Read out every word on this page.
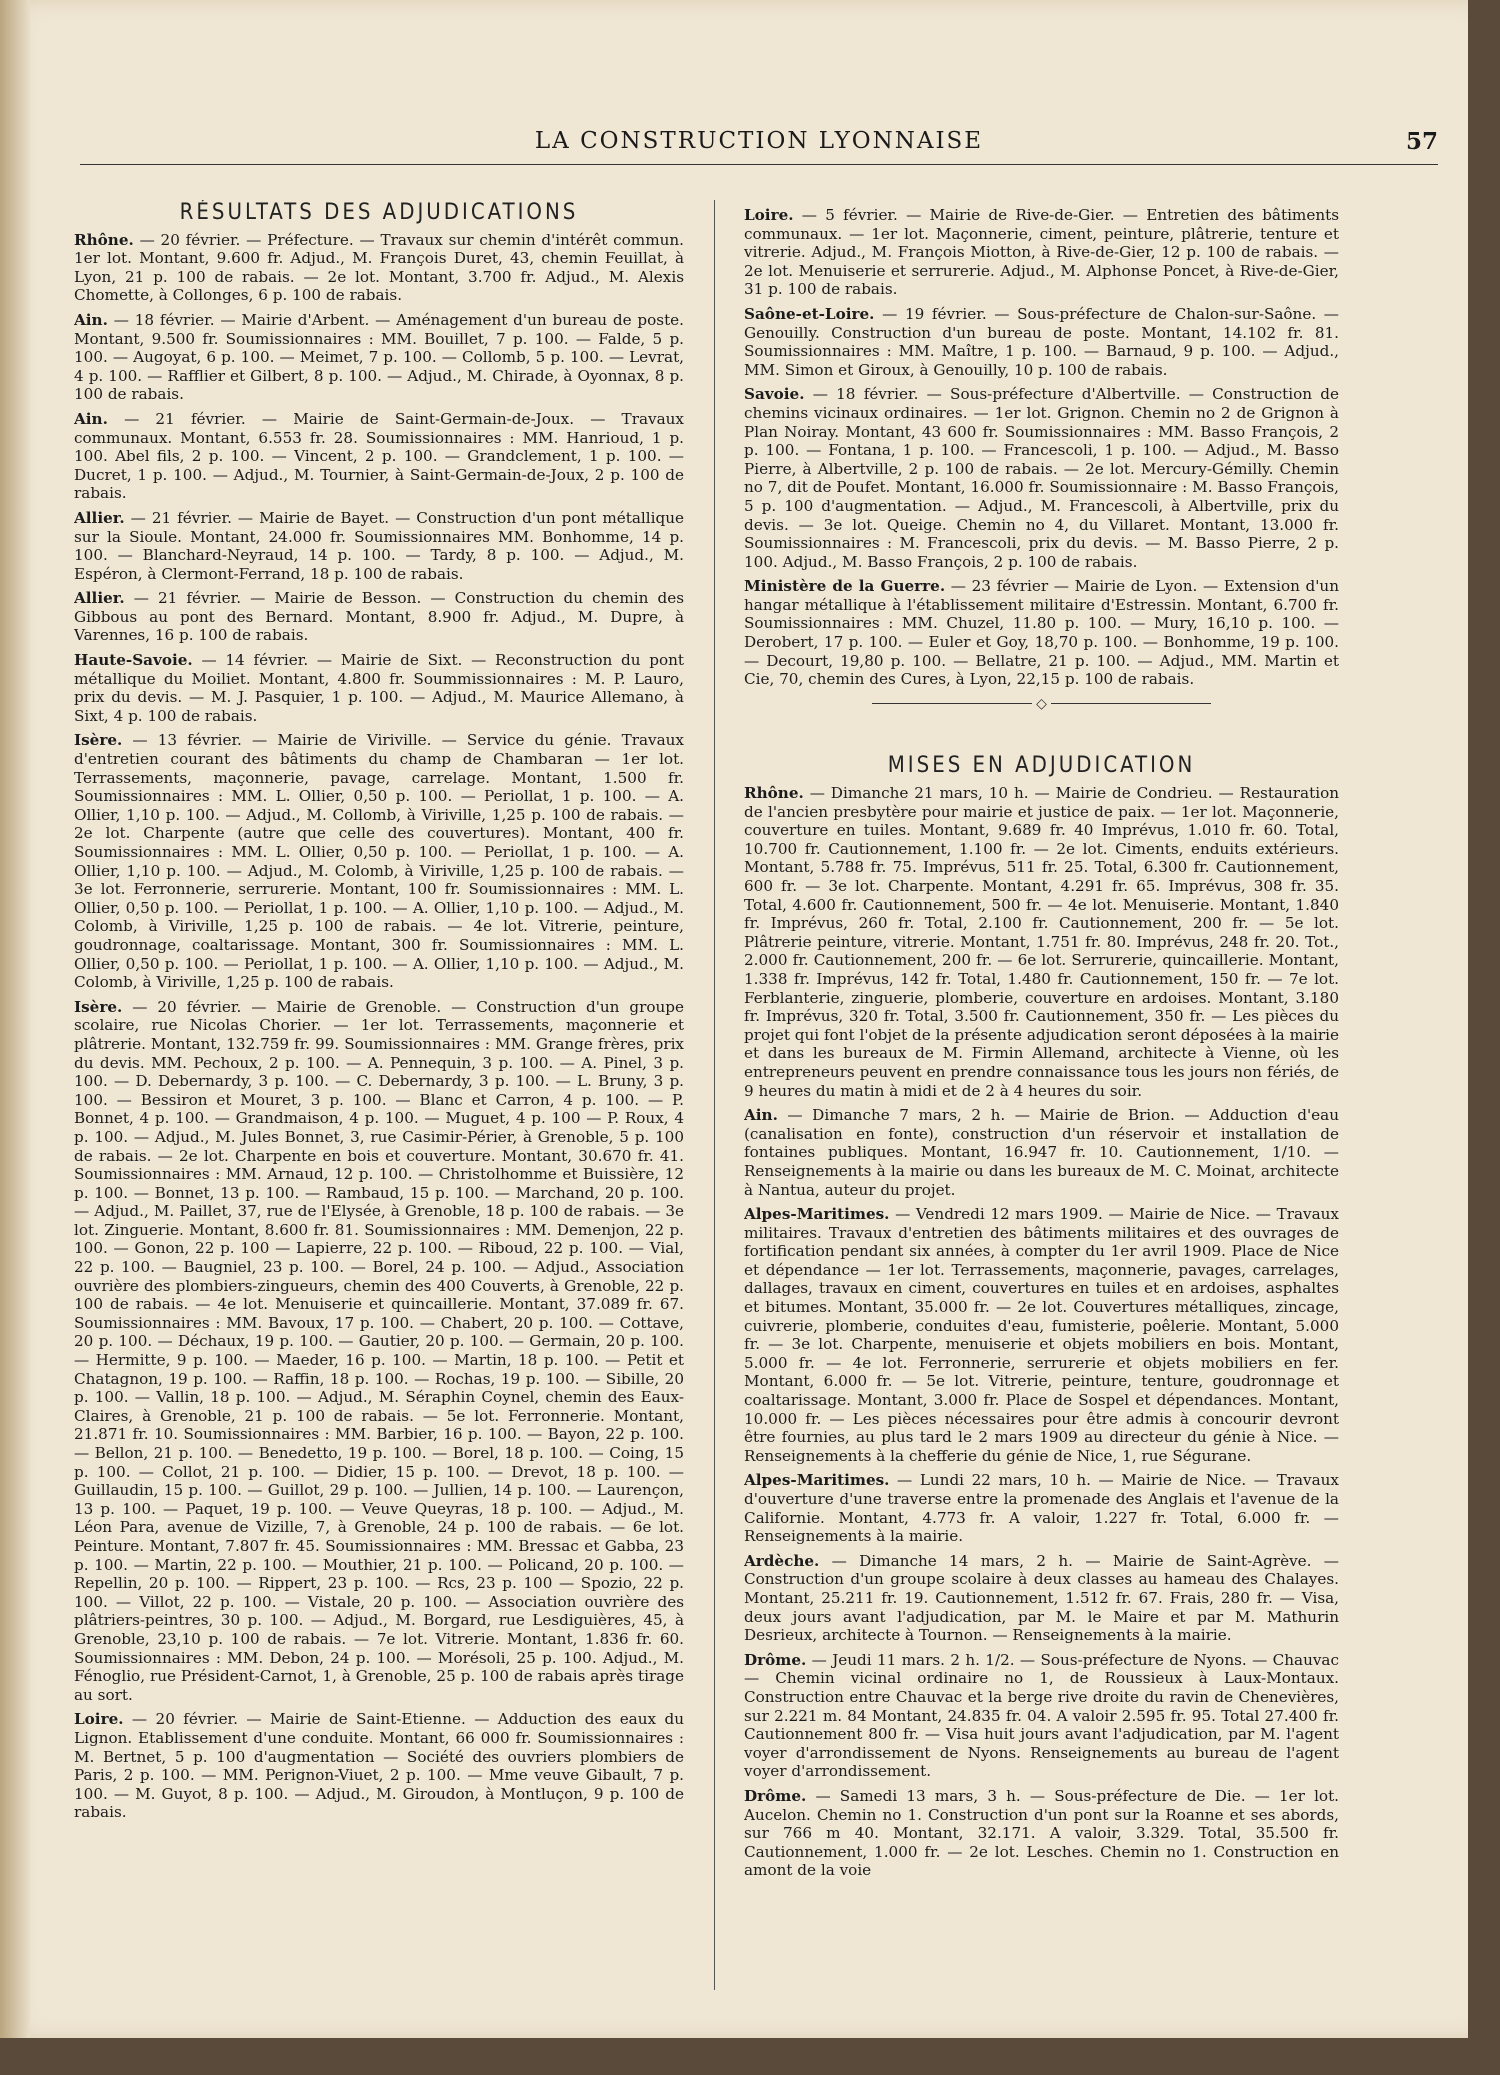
LA CONSTRUCTION LYONNAISE	57
RÉSULTATS DES ADJUDICATIONS

Rhône. — 20 février. — Préfecture. — Travaux sur chemin d'intérêt commun. 1er lot. Montant, 9.600 fr. Adjud., M. François Duret, 43, chemin Feuillat, à Lyon, 21 p. 100 de rabais. — 2e lot. Montant, 3.700 fr. Adjud., M. Alexis Chomette, à Collonges, 6 p. 100 de rabais.

Ain. — 18 février. — Mairie d'Arbent. — Aménagement d'un bureau de poste. Montant, 9.500 fr. Soumissionnaires : MM. Bouillet, 7 p. 100. — Falde, 5 p. 100. — Augoyat, 6 p. 100. — Meimet, 7 p. 100. — Collomb, 5 p. 100. — Levrat, 4 p. 100. — Rafflier et Gilbert, 8 p. 100. — Adjud., M. Chirade, à Oyonnax, 8 p. 100 de rabais.

Ain. — 21 février. — Mairie de Saint-Germain-de-Joux. — Travaux communaux. Montant, 6.553 fr. 28. Soumissionnaires : MM. Hanrioud, 1 p. 100. Abel fils, 2 p. 100. — Vincent, 2 p. 100. — Grandclement, 1 p. 100. — Ducret, 1 p. 100. — Adjud., M. Tournier, à Saint-Germain-de-Joux, 2 p. 100 de rabais.

Allier. — 21 février. — Mairie de Bayet. — Construction d'un pont métallique sur la Sioule. Montant, 24.000 fr. Soumissionnaires MM. Bonhomme, 14 p. 100. — Blanchard-Neyraud, 14 p. 100. — Tardy, 8 p. 100. — Adjud., M. Espéron, à Clermont-Ferrand, 18 p. 100 de rabais.

Allier. — 21 février. — Mairie de Besson. — Construction du chemin des Gibbous au pont des Bernard. Montant, 8.900 fr. Adjud., M. Dupre, à Varennes, 16 p. 100 de rabais.

Haute-Savoie. — 14 février. — Mairie de Sixt. — Reconstruction du pont métallique du Moiliet. Montant, 4.800 fr. Soummissionnaires : M. P. Lauro, prix du devis. — M. J. Pasquier, 1 p. 100. — Adjud., M. Maurice Allemano, à Sixt, 4 p. 100 de rabais.

Isère. — 13 février. — Mairie de Viriville. — Service du génie. Travaux d'entretien courant des bâtiments du champ de Chambaran — 1er lot. Terrassements, maçonnerie, pavage, carrelage. Montant, 1.500 fr. Soumissionnaires : MM. L. Ollier, 0,50 p. 100. — Periollat, 1 p. 100. — A. Ollier, 1,10 p. 100. — Adjud., M. Collomb, à Viriville, 1,25 p. 100 de rabais. — 2e lot. Charpente (autre que celle des couvertures). Montant, 400 fr. Soumissionnaires : MM. L. Ollier, 0,50 p. 100. — Periollat, 1 p. 100. — A. Ollier, 1,10 p. 100. — Adjud., M. Colomb, à Viriville, 1,25 p. 100 de rabais. — 3e lot. Ferronnerie, serrurerie. Montant, 100 fr. Soumissionnaires : MM. L. Ollier, 0,50 p. 100. — Periollat, 1 p. 100. — A. Ollier, 1,10 p. 100. — Adjud., M. Colomb, à Viriville, 1,25 p. 100 de rabais. — 4e lot. Vitrerie, peinture, goudronnage, coaltarissage. Montant, 300 fr. Soumissionnaires : MM. L. Ollier, 0,50 p. 100. — Periollat, 1 p. 100. — A. Ollier, 1,10 p. 100. — Adjud., M. Colomb, à Viriville, 1,25 p. 100 de rabais.

Isère. — 20 février. — Mairie de Grenoble. — Construction d'un groupe scolaire, rue Nicolas Chorier. — 1er lot. Terrassements, maçonnerie et plâtrerie. Montant, 132.759 fr. 99. Soumissionnaires : MM. Grange frères, prix du devis. MM. Pechoux, 2 p. 100. — A. Pennequin, 3 p. 100. — A. Pinel, 3 p. 100. — D. Debernardy, 3 p. 100. — C. Debernardy, 3 p. 100. — L. Bruny, 3 p. 100. — Bessiron et Mouret, 3 p. 100. — Blanc et Carron, 4 p. 100. — P. Bonnet, 4 p. 100. — Grandmaison, 4 p. 100. — Muguet, 4 p. 100 — P. Roux, 4 p. 100. — Adjud., M. Jules Bonnet, 3, rue Casimir-Périer, à Grenoble, 5 p. 100 de rabais. — 2e lot. Charpente en bois et couverture. Montant, 30.670 fr. 41. Soumissionnaires : MM. Arnaud, 12 p. 100. — Christolhomme et Buissière, 12 p. 100. — Bonnet, 13 p. 100. — Rambaud, 15 p. 100. — Marchand, 20 p. 100. — Adjud., M. Paillet, 37, rue de l'Elysée, à Grenoble, 18 p. 100 de rabais. — 3e lot. Zinguerie. Montant, 8.600 fr. 81. Soumissionnaires : MM. Demenjon, 22 p. 100. — Gonon, 22 p. 100 — Lapierre, 22 p. 100. — Riboud, 22 p. 100. — Vial, 22 p. 100. — Baugniel, 23 p. 100. — Borel, 24 p. 100. — Adjud., Association ouvrière des plombiers-zingueurs, chemin des 400 Couverts, à Grenoble, 22 p. 100 de rabais. — 4e lot. Menuiserie et quincaillerie. Montant, 37.089 fr. 67. Soumissionnaires : MM. Bavoux, 17 p. 100. — Chabert, 20 p. 100. — Cottave, 20 p. 100. — Déchaux, 19 p. 100. — Gautier, 20 p. 100. — Germain, 20 p. 100. — Hermitte, 9 p. 100. — Maeder, 16 p. 100. — Martin, 18 p. 100. — Petit et Chatagnon, 19 p. 100. — Raffin, 18 p. 100. — Rochas, 19 p. 100. — Sibille, 20 p. 100. — Vallin, 18 p. 100. — Adjud., M. Séraphin Coynel, chemin des Eaux-Claires, à Grenoble, 21 p. 100 de rabais. — 5e lot. Ferronnerie. Montant, 21.871 fr. 10. Soumissionnaires : MM. Barbier, 16 p. 100. — Bayon, 22 p. 100. — Bellon, 21 p. 100. — Benedetto, 19 p. 100. — Borel, 18 p. 100. — Coing, 15 p. 100. — Collot, 21 p. 100. — Didier, 15 p. 100. — Drevot, 18 p. 100. — Guillaudin, 15 p. 100. — Guillot, 29 p. 100. — Jullien, 14 p. 100. — Laurençon, 13 p. 100. — Paquet, 19 p. 100. — Veuve Queyras, 18 p. 100. — Adjud., M. Léon Para, avenue de Vizille, 7, à Grenoble, 24 p. 100 de rabais. — 6e lot. Peinture. Montant, 7.807 fr. 45. Soumissionnaires : MM. Bressac et Gabba, 23 p. 100. — Martin, 22 p. 100. — Mouthier, 21 p. 100. — Policand, 20 p. 100. — Repellin, 20 p. 100. — Rippert, 23 p. 100. — Rcs, 23 p. 100 — Spozio, 22 p. 100. — Villot, 22 p. 100. — Vistale, 20 p. 100. — Association ouvrière des plâtriers-peintres, 30 p. 100. — Adjud., M. Borgard, rue Lesdiguières, 45, à Grenoble, 23,10 p. 100 de rabais. — 7e lot. Vitrerie. Montant, 1.836 fr. 60. Soumissionnaires : MM. Debon, 24 p. 100. — Morésoli, 25 p. 100. Adjud., M. Fénoglio, rue Président-Carnot, 1, à Grenoble, 25 p. 100 de rabais après tirage au sort.

Loire. — 20 février. — Mairie de Saint-Etienne. — Adduction des eaux du Lignon. Etablissement d'une conduite. Montant, 66 000 fr. Soumissionnaires : M. Bertnet, 5 p. 100 d'augmentation — Société des ouvriers plombiers de Paris, 2 p. 100. — MM. Perignon-Viuet, 2 p. 100. — Mme veuve Gibault, 7 p. 100. — M. Guyot, 8 p. 100. — Adjud., M. Giroudon, à Montluçon, 9 p. 100 de rabais.

Loire. — 5 février. — Mairie de Rive-de-Gier. — Entretien des bâtiments communaux. — 1er lot. Maçonnerie, ciment, peinture, plâtrerie, tenture et vitrerie. Adjud., M. François Miotton, à Rive-de-Gier, 12 p. 100 de rabais. — 2e lot. Menuiserie et serrurerie. Adjud., M. Alphonse Poncet, à Rive-de-Gier, 31 p. 100 de rabais.

Saône-et-Loire. — 19 février. — Sous-préfecture de Chalon-sur-Saône. — Genouilly. Construction d'un bureau de poste. Montant, 14.102 fr. 81. Soumissionnaires : MM. Maître, 1 p. 100. — Barnaud, 9 p. 100. — Adjud., MM. Simon et Giroux, à Genouilly, 10 p. 100 de rabais.

Savoie. — 18 février. — Sous-préfecture d'Albertville. — Construction de chemins vicinaux ordinaires. — 1er lot. Grignon. Chemin no 2 de Grignon à Plan Noiray. Montant, 43 600 fr. Soumissionnaires : MM. Basso François, 2 p. 100. — Fontana, 1 p. 100. — Francescoli, 1 p. 100. — Adjud., M. Basso Pierre, à Albertville, 2 p. 100 de rabais. — 2e lot. Mercury-Gémilly. Chemin no 7, dit de Poufet. Montant, 16.000 fr. Soumissionnaire : M. Basso François, 5 p. 100 d'augmentation. — Adjud., M. Francescoli, à Albertville, prix du devis. — 3e lot. Queige. Chemin no 4, du Villaret. Montant, 13.000 fr. Soumissionnaires : M. Francescoli, prix du devis. — M. Basso Pierre, 2 p. 100. Adjud., M. Basso François, 2 p. 100 de rabais.

Ministère de la Guerre. — 23 février — Mairie de Lyon. — Extension d'un hangar métallique à l'établissement militaire d'Estressin. Montant, 6.700 fr. Soumissionnaires : MM. Chuzel, 11.80 p. 100. — Mury, 16,10 p. 100. — Derobert, 17 p. 100. — Euler et Goy, 18,70 p. 100. — Bonhomme, 19 p. 100. — Decourt, 19,80 p. 100. — Bellatre, 21 p. 100. — Adjud., MM. Martin et Cie, 70, chemin des Cures, à Lyon, 22,15 p. 100 de rabais.

◇
MISES EN ADJUDICATION

Rhône. — Dimanche 21 mars, 10 h. — Mairie de Condrieu. — Restauration de l'ancien presbytère pour mairie et justice de paix. — 1er lot. Maçonnerie, couverture en tuiles. Montant, 9.689 fr. 40 Imprévus, 1.010 fr. 60. Total, 10.700 fr. Cautionnement, 1.100 fr. — 2e lot. Ciments, enduits extérieurs. Montant, 5.788 fr. 75. Imprévus, 511 fr. 25. Total, 6.300 fr. Cautionnement, 600 fr. — 3e lot. Charpente. Montant, 4.291 fr. 65. Imprévus, 308 fr. 35. Total, 4.600 fr. Cautionnement, 500 fr. — 4e lot. Menuiserie. Montant, 1.840 fr. Imprévus, 260 fr. Total, 2.100 fr. Cautionnement, 200 fr. — 5e lot. Plâtrerie peinture, vitrerie. Montant, 1.751 fr. 80. Imprévus, 248 fr. 20. Tot., 2.000 fr. Cautionnement, 200 fr. — 6e lot. Serrurerie, quincaillerie. Montant, 1.338 fr. Imprévus, 142 fr. Total, 1.480 fr. Cautionnement, 150 fr. — 7e lot. Ferblanterie, zinguerie, plomberie, couverture en ardoises. Montant, 3.180 fr. Imprévus, 320 fr. Total, 3.500 fr. Cautionnement, 350 fr. — Les pièces du projet qui font l'objet de la présente adjudication seront déposées à la mairie et dans les bureaux de M. Firmin Allemand, architecte à Vienne, où les entrepreneurs peuvent en prendre connaissance tous les jours non fériés, de 9 heures du matin à midi et de 2 à 4 heures du soir.

Ain. — Dimanche 7 mars, 2 h. — Mairie de Brion. — Adduction d'eau (canalisation en fonte), construction d'un réservoir et installation de fontaines publiques. Montant, 16.947 fr. 10. Cautionnement, 1/10. — Renseignements à la mairie ou dans les bureaux de M. C. Moinat, architecte à Nantua, auteur du projet.

Alpes-Maritimes. — Vendredi 12 mars 1909. — Mairie de Nice. — Travaux militaires. Travaux d'entretien des bâtiments militaires et des ouvrages de fortification pendant six années, à compter du 1er avril 1909. Place de Nice et dépendance — 1er lot. Terrassements, maçonnerie, pavages, carrelages, dallages, travaux en ciment, couvertures en tuiles et en ardoises, asphaltes et bitumes. Montant, 35.000 fr. — 2e lot. Couvertures métalliques, zincage, cuivrerie, plomberie, conduites d'eau, fumisterie, poêlerie. Montant, 5.000 fr. — 3e lot. Charpente, menuiserie et objets mobiliers en bois. Montant, 5.000 fr. — 4e lot. Ferronnerie, serrurerie et objets mobiliers en fer. Montant, 6.000 fr. — 5e lot. Vitrerie, peinture, tenture, goudronnage et coaltarissage. Montant, 3.000 fr. Place de Sospel et dépendances. Montant, 10.000 fr. — Les pièces nécessaires pour être admis à concourir devront être fournies, au plus tard le 2 mars 1909 au directeur du génie à Nice. — Renseignements à la chefferie du génie de Nice, 1, rue Ségurane.

Alpes-Maritimes. — Lundi 22 mars, 10 h. — Mairie de Nice. — Travaux d'ouverture d'une traverse entre la promenade des Anglais et l'avenue de la Californie. Montant, 4.773 fr. A valoir, 1.227 fr. Total, 6.000 fr. — Renseignements à la mairie.

Ardèche. — Dimanche 14 mars, 2 h. — Mairie de Saint-Agrève. — Construction d'un groupe scolaire à deux classes au hameau des Chalayes. Montant, 25.211 fr. 19. Cautionnement, 1.512 fr. 67. Frais, 280 fr. — Visa, deux jours avant l'adjudication, par M. le Maire et par M. Mathurin Desrieux, architecte à Tournon. — Renseignements à la mairie.

Drôme. — Jeudi 11 mars. 2 h. 1/2. — Sous-préfecture de Nyons. — Chauvac — Chemin vicinal ordinaire no 1, de Roussieux à Laux-Montaux. Construction entre Chauvac et la berge rive droite du ravin de Chenevières, sur 2.221 m. 84 Montant, 24.835 fr. 04. A valoir 2.595 fr. 95. Total 27.400 fr. Cautionnement 800 fr. — Visa huit jours avant l'adjudication, par M. l'agent voyer d'arrondissement de Nyons. Renseignements au bureau de l'agent voyer d'arrondissement.

Drôme. — Samedi 13 mars, 3 h. — Sous-préfecture de Die. — 1er lot. Aucelon. Chemin no 1. Construction d'un pont sur la Roanne et ses abords, sur 766 m 40. Montant, 32.171. A valoir, 3.329. Total, 35.500 fr. Cautionnement, 1.000 fr. — 2e lot. Lesches. Chemin no 1. Construction en amont de la voie
